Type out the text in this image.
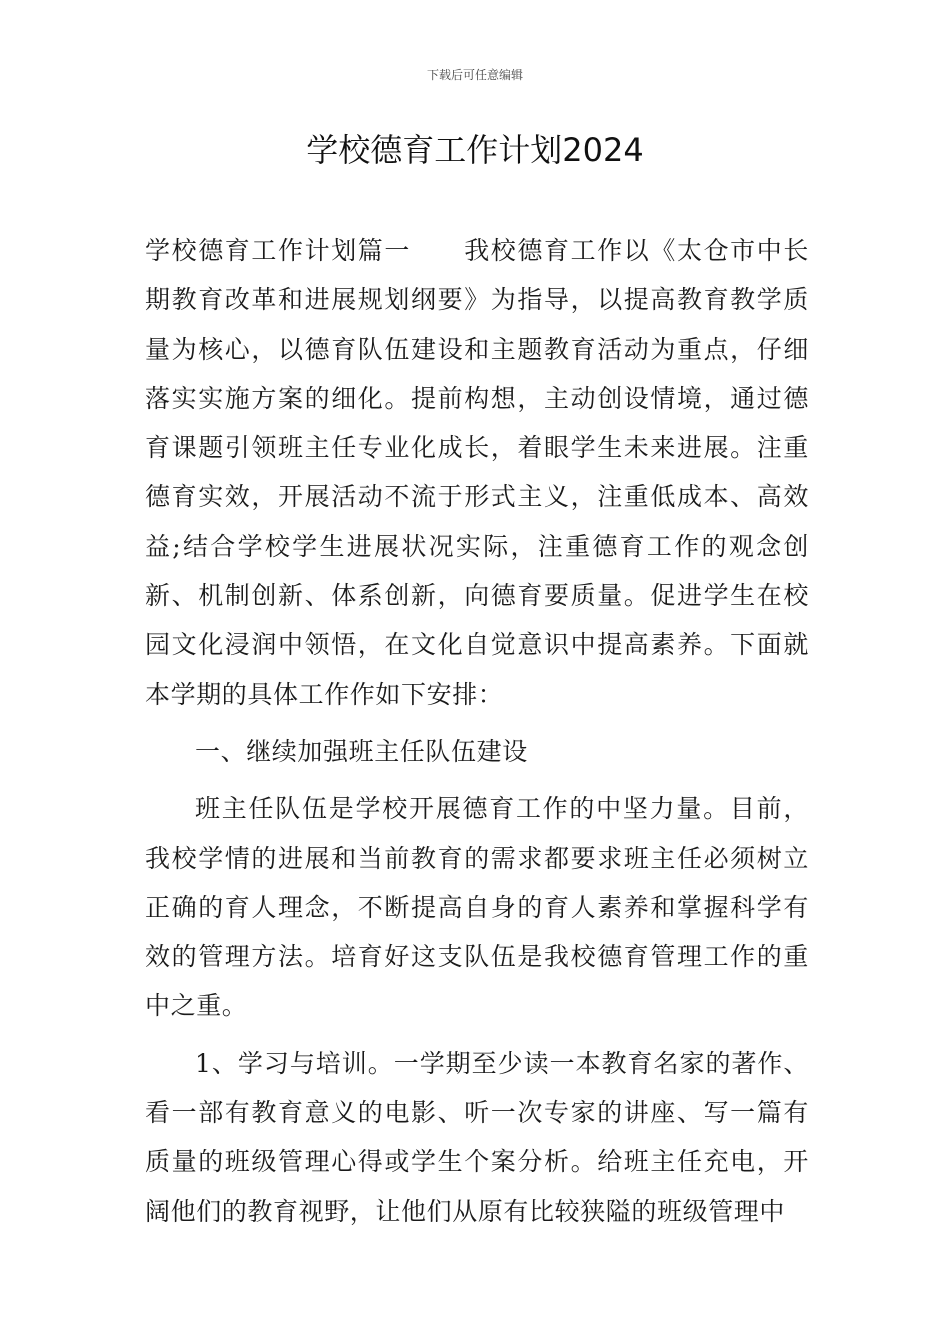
下载后可任意编辑
学校德育工作计划2024

学校德育工作计划篇一　　我校德育工作以《太仓市中长期教育改革和进展规划纲要》为指导，以提高教育教学质量为核心，以德育队伍建设和主题教育活动为重点，仔细落实实施方案的细化。提前构想，主动创设情境，通过德育课题引领班主任专业化成长，着眼学生未来进展。注重德育实效，开展活动不流于形式主义，注重低成本、高效益;结合学校学生进展状况实际，注重德育工作的观念创新、机制创新、体系创新，向德育要质量。促进学生在校园文化浸润中领悟，在文化自觉意识中提高素养。下面就本学期的具体工作作如下安排：

一、继续加强班主任队伍建设

班主任队伍是学校开展德育工作的中坚力量。目前，我校学情的进展和当前教育的需求都要求班主任必须树立正确的育人理念，不断提高自身的育人素养和掌握科学有效的管理方法。培育好这支队伍是我校德育管理工作的重中之重。

1、学习与培训。一学期至少读一本教育名家的著作、看一部有教育意义的电影、听一次专家的讲座、写一篇有质量的班级管理心得或学生个案分析。给班主任充电，开阔他们的教育视野，让他们从原有比较狭隘的班级管理中
